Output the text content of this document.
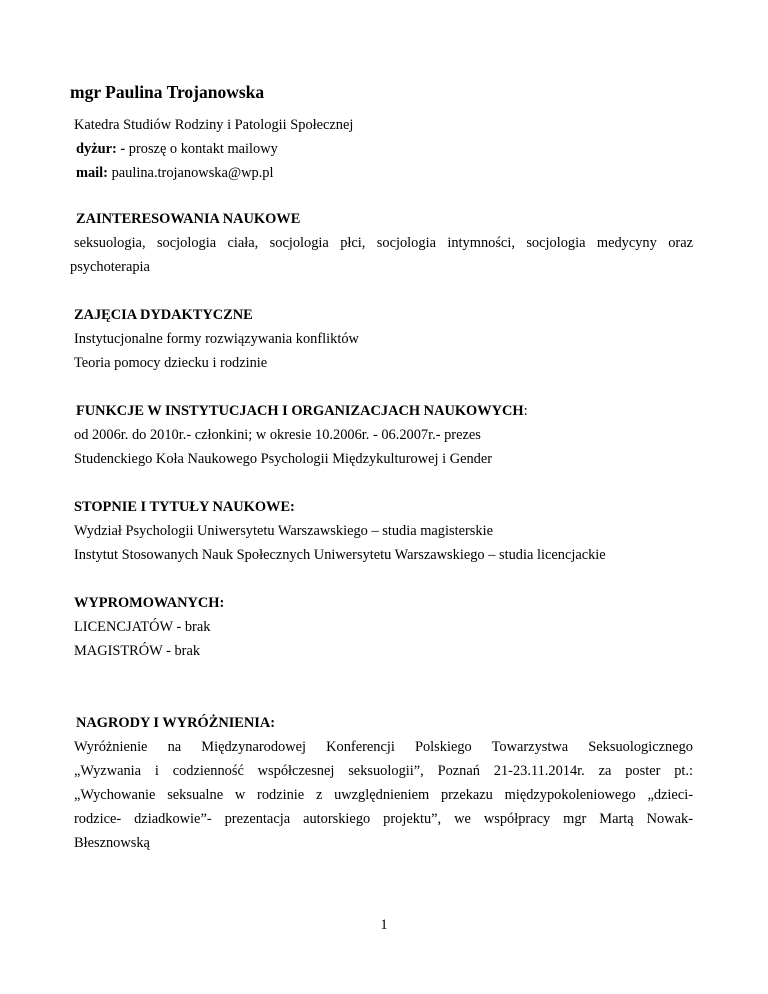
mgr Paulina Trojanowska
Katedra Studiów Rodziny i Patologii Społecznej
dyżur: - proszę o kontakt mailowy
mail: paulina.trojanowska@wp.pl
ZAINTERESOWANIA NAUKOWE
seksuologia, socjologia ciała, socjologia płci, socjologia intymności, socjologia medycyny oraz
psychoterapia
ZAJĘCIA DYDAKTYCZNE
Instytucjonalne formy rozwiązywania konfliktów
Teoria pomocy dziecku i rodzinie
FUNKCJE W INSTYTUCJACH I ORGANIZACJACH NAUKOWYCH:
od 2006r. do 2010r.- członkini; w okresie 10.2006r. - 06.2007r.- prezes
Studenckiego Koła Naukowego Psychologii Międzykulturowej i Gender
STOPNIE I TYTUŁY NAUKOWE:
Wydział Psychologii Uniwersytetu Warszawskiego – studia magisterskie
Instytut Stosowanych Nauk Społecznych Uniwersytetu Warszawskiego – studia licencjackie
WYPROMOWANYCH:
LICENCJATÓW - brak
MAGISTRÓW - brak
NAGRODY I WYRÓŻNIENIA:
Wyróżnienie na Międzynarodowej Konferencji Polskiego Towarzystwa Seksuologicznego
„Wyzwania i codzienność współczesnej seksuologii”, Poznań 21-23.11.2014r. za poster pt.:
„Wychowanie seksualne w rodzinie z uwzględnieniem przekazu międzypokoleniowego „dzieci-
rodzice- dziadkowie”- prezentacja autorskiego projektu”, we współpracy mgr Martą Nowak-
Błesznowską
1
